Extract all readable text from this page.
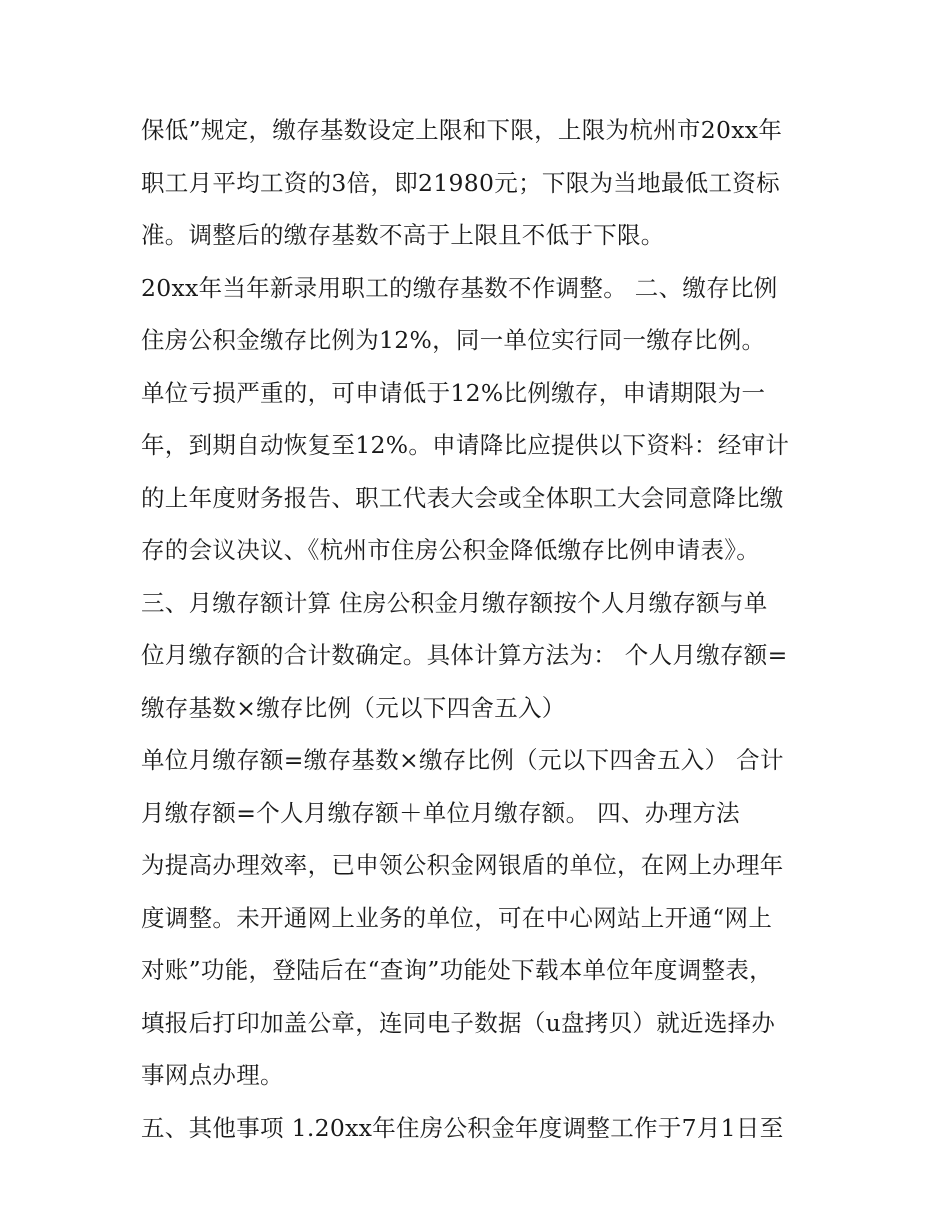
保低”规定，缴存基数设定上限和下限，上限为杭州市20xx年
职工月平均工资的3倍，即21980元；下限为当地最低工资标
准。调整后的缴存基数不高于上限且不低于下限。
20xx年当年新录用职工的缴存基数不作调整。 二、缴存比例
住房公积金缴存比例为12%，同一单位实行同一缴存比例。
单位亏损严重的，可申请低于12%比例缴存，申请期限为一
年，到期自动恢复至12%。申请降比应提供以下资料：经审计
的上年度财务报告、职工代表大会或全体职工大会同意降比缴
存的会议决议、《杭州市住房公积金降低缴存比例申请表》。
三、月缴存额计算 住房公积金月缴存额按个人月缴存额与单
位月缴存额的合计数确定。具体计算方法为： 个人月缴存额=
缴存基数×缴存比例（元以下四舍五入）
单位月缴存额=缴存基数×缴存比例（元以下四舍五入） 合计
月缴存额=个人月缴存额＋单位月缴存额。 四、办理方法
为提高办理效率，已申领公积金网银盾的单位，在网上办理年
度调整。未开通网上业务的单位，可在中心网站上开通“网上
对账”功能，登陆后在“查询”功能处下载本单位年度调整表，
填报后打印加盖公章，连同电子数据（u盘拷贝）就近选择办
事网点办理。
五、其他事项 1.20xx年住房公积金年度调整工作于7月1日至
